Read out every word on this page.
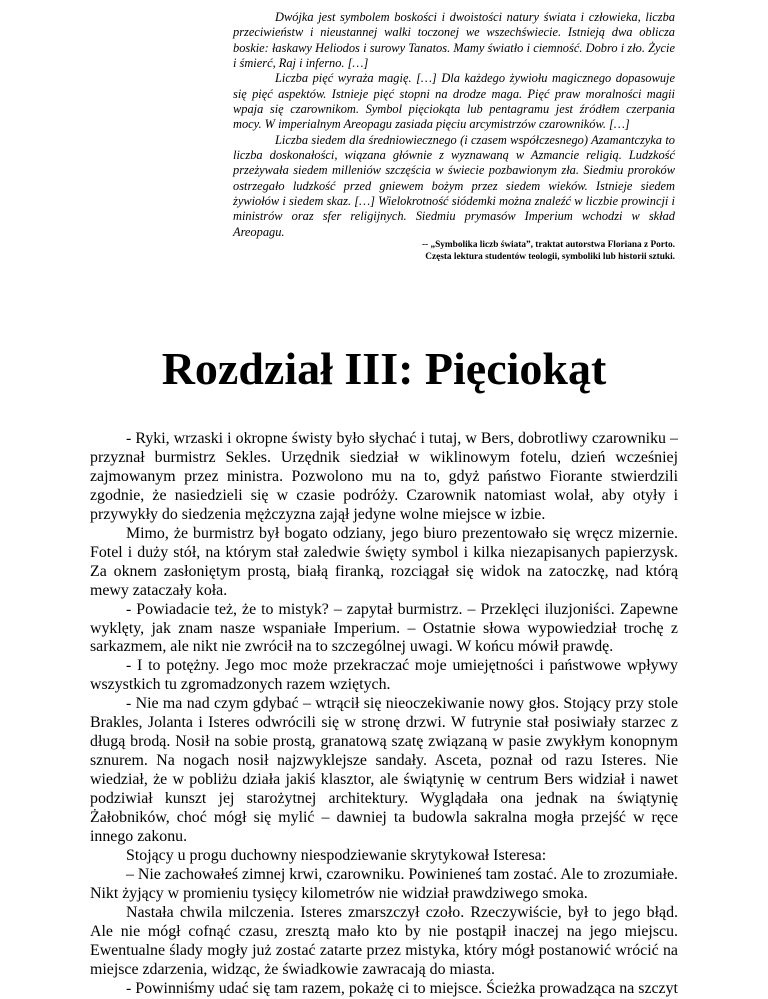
Dwójka jest symbolem boskości i dwoistości natury świata i człowieka, liczba przeciwieństw i nieustannej walki toczonej we wszechświecie. Istnieją dwa oblicza boskie: łaskawy Heliodos i surowy Tanatos. Mamy światło i ciemność. Dobro i zło. Życie i śmierć, Raj i inferno. […]

Liczba pięć wyraża magię. […] Dla każdego żywiołu magicznego dopasowuje się pięć aspektów. Istnieje pięć stopni na drodze maga. Pięć praw moralności magii wpaja się czarownikom. Symbol pięciokąta lub pentagramu jest źródłem czerpania mocy. W imperialnym Areopagu zasiada pięciu arcymistrzów czarowników. […]

Liczba siedem dla średniowiecznego (i czasem współczesnego) Azamantczyka to liczba doskonałości, wiązana głównie z wyznawaną w Azmancie religią. Ludzkość przeżywała siedem milleniów szczęścia w świecie pozbawionym zła. Siedmiu proroków ostrzegało ludzkość przed gniewem bożym przez siedem wieków. Istnieje siedem żywiołów i siedem skaz. […] Wielokrotność siódemki można znaleźć w liczbie prowincji i ministrów oraz sfer religijnych. Siedmiu prymasów Imperium wchodzi w skład Areopagu.

-- „Symbolika liczb świata”, traktat autorstwa Floriana z Porto.
Częsta lektura studentów teologii, symboliki lub historii sztuki.
Rozdział III: Pięciokąt

- Ryki, wrzaski i okropne świsty było słychać i tutaj, w Bers, dobrotliwy czarowniku – przyznał burmistrz Sekles. Urzędnik siedział w wiklinowym fotelu, dzień wcześniej zajmowanym przez ministra. Pozwolono mu na to, gdyż państwo Fiorante stwierdzili zgodnie, że nasiedzieli się w czasie podróży. Czarownik natomiast wolał, aby otyły i przywykły do siedzenia mężczyzna zajął jedyne wolne miejsce w izbie.

Mimo, że burmistrz był bogato odziany, jego biuro prezentowało się wręcz mizernie. Fotel i duży stół, na którym stał zaledwie święty symbol i kilka niezapisanych papierzysk. Za oknem zasłoniętym prostą, białą firanką, rozciągał się widok na zatoczkę, nad którą mewy zataczały koła.

- Powiadacie też, że to mistyk? – zapytał burmistrz. – Przeklęci iluzjoniści. Zapewne wyklęty, jak znam nasze wspaniałe Imperium. – Ostatnie słowa wypowiedział trochę z sarkazmem, ale nikt nie zwrócił na to szczególnej uwagi. W końcu mówił prawdę.

- I to potężny. Jego moc może przekraczać moje umiejętności i państwowe wpływy wszystkich tu zgromadzonych razem wziętych.

- Nie ma nad czym gdybać – wtrącił się nieoczekiwanie nowy głos. Stojący przy stole Brakles, Jolanta i Isteres odwrócili się w stronę drzwi. W futrynie stał posiwiały starzec z długą brodą. Nosił na sobie prostą, granatową szatę związaną w pasie zwykłym konopnym sznurem. Na nogach nosił najzwyklejsze sandały. Asceta, poznał od razu Isteres. Nie wiedział, że w pobliżu działa jakiś klasztor, ale świątynię w centrum Bers widział i nawet podziwiał kunszt jej starożytnej architektury. Wyglądała ona jednak na świątynię Żałobników, choć mógł się mylić – dawniej ta budowla sakralna mogła przejść w ręce innego zakonu.

Stojący u progu duchowny niespodziewanie skrytykował Isteresa:

– Nie zachowałeś zimnej krwi, czarowniku. Powinieneś tam zostać. Ale to zrozumiałe. Nikt żyjący w promieniu tysięcy kilometrów nie widział prawdziwego smoka.

Nastała chwila milczenia. Isteres zmarszczył czoło. Rzeczywiście, był to jego błąd. Ale nie mógł cofnąć czasu, zresztą mało kto by nie postąpił inaczej na jego miejscu. Ewentualne ślady mogły już zostać zatarte przez mistyka, który mógł postanowić wrócić na miejsce zdarzenia, widząc, że świadkowie zawracają do miasta.

- Powinniśmy udać się tam razem, pokażę ci to miejsce. Ścieżka prowadząca na szczyt
